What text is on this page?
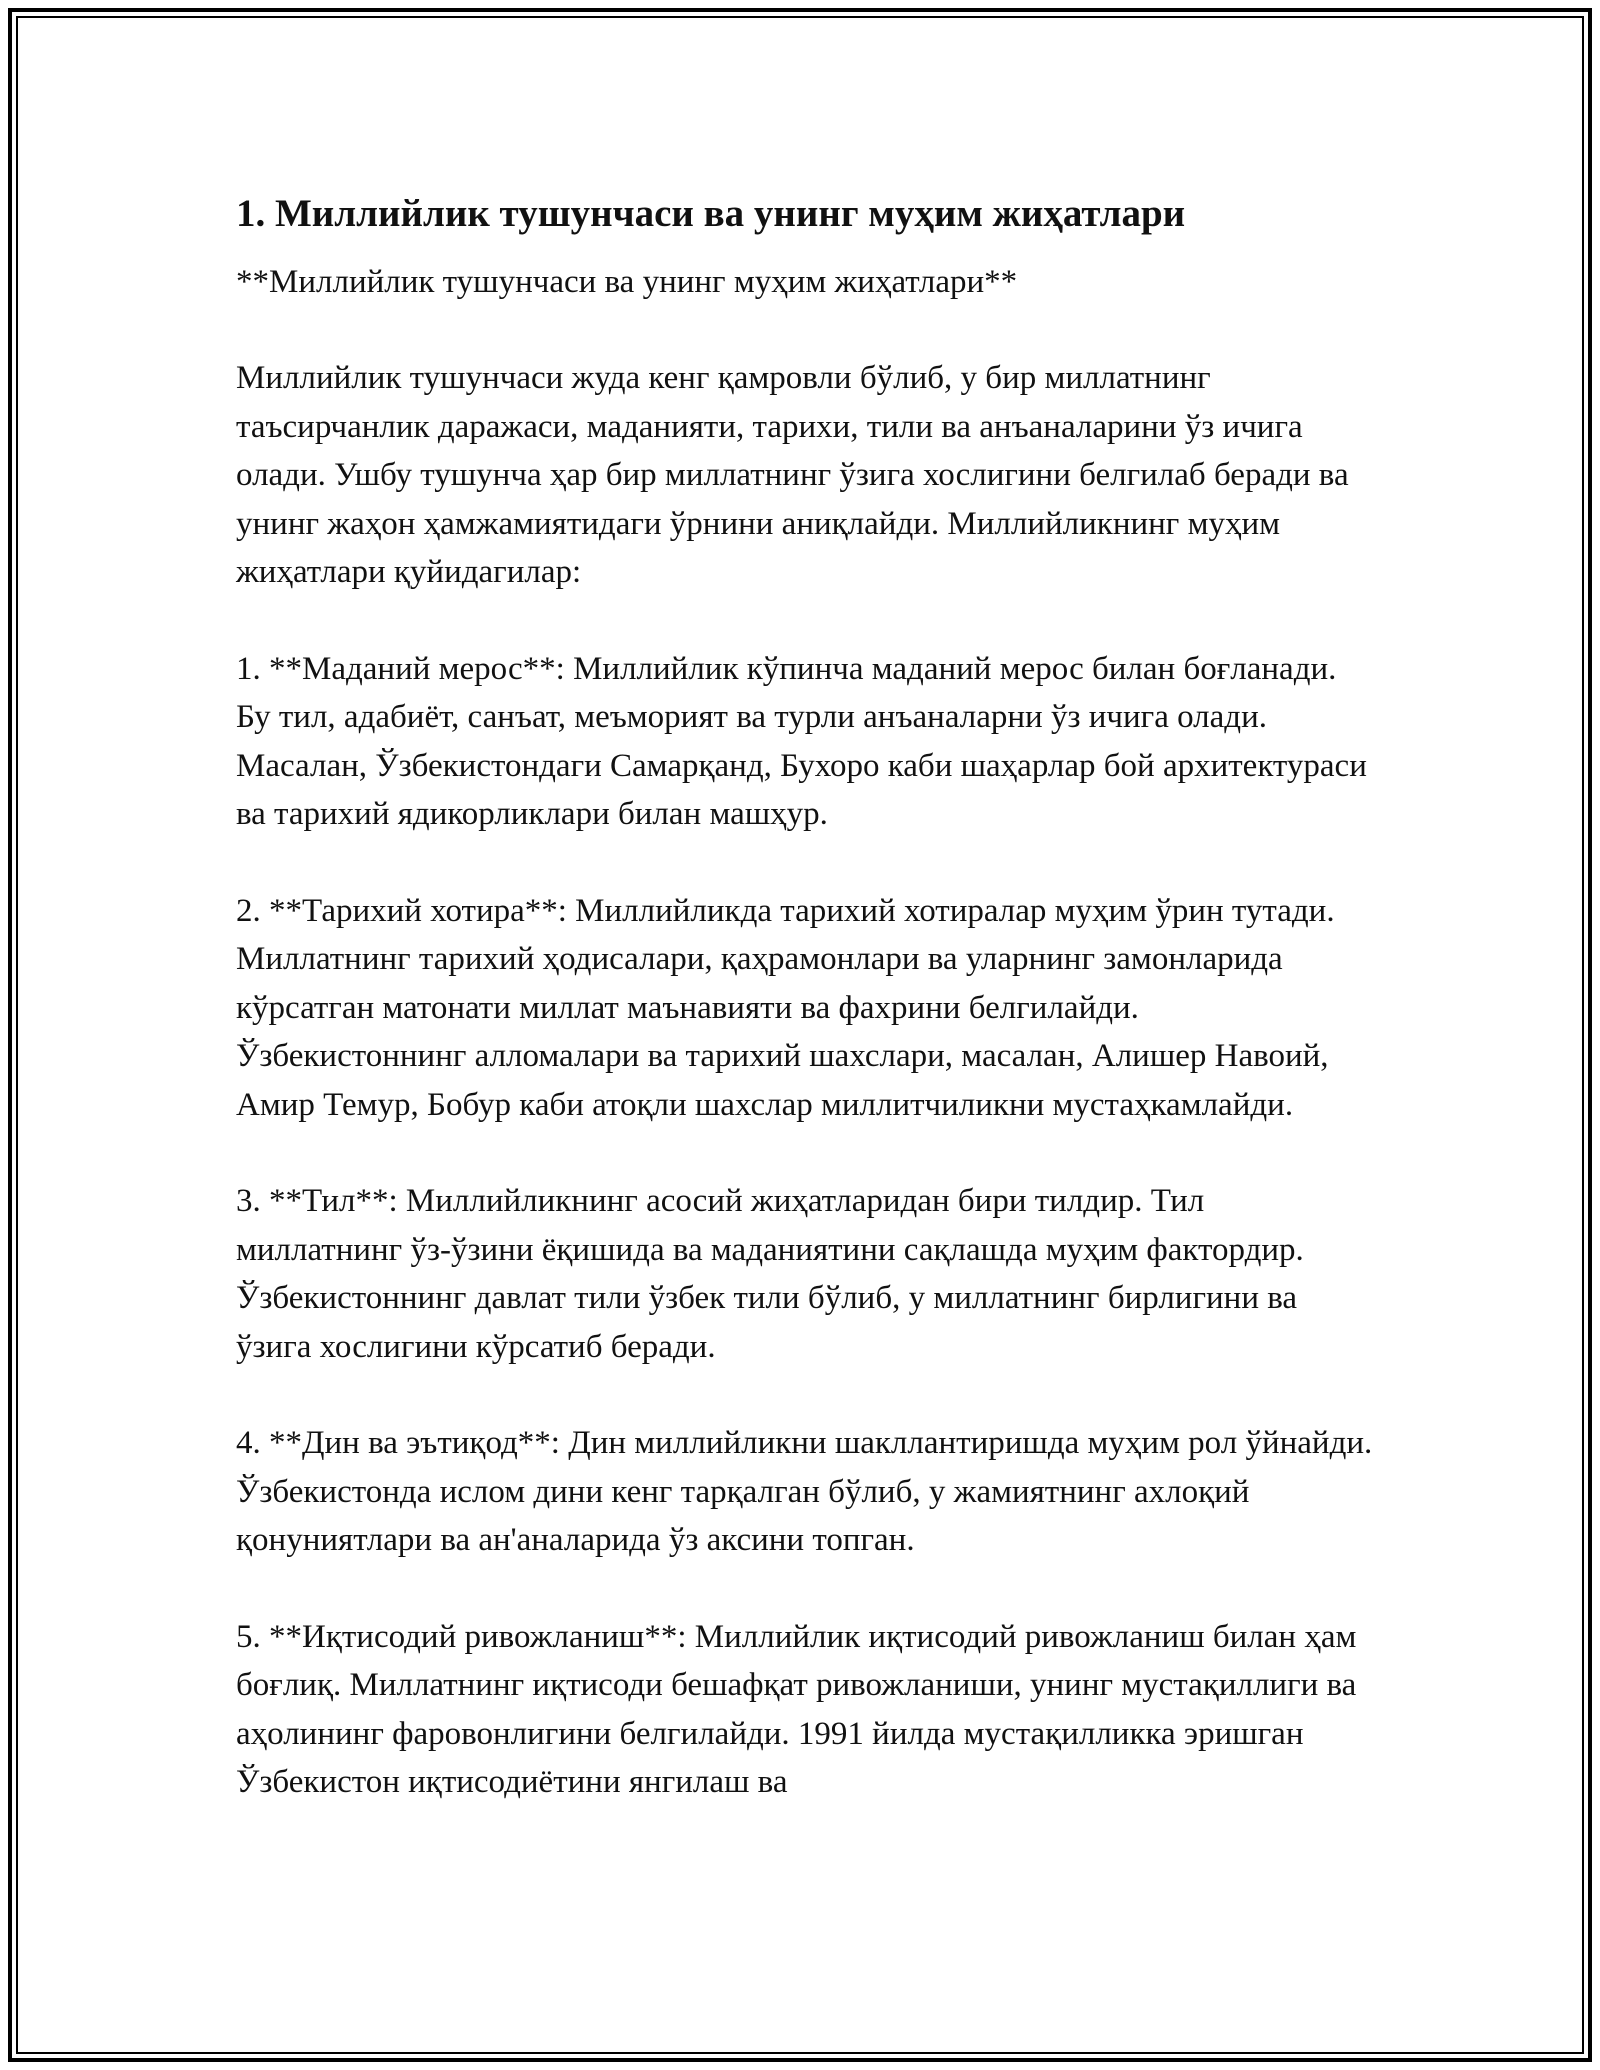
1. Миллийлик тушунчаси ва унинг муҳим жиҳатлари

**Миллийлик тушунчаси ва унинг муҳим жиҳатлари**

Миллийлик тушунчаси жуда кенг қамровли бўлиб, у бир миллатнинг таъсирчанлик даражаси, маданияти, тарихи, тили ва анъаналарини ўз ичига олади. Ушбу тушунча ҳар бир миллатнинг ўзига хослигини белгилаб беради ва унинг жаҳон ҳамжамиятидаги ўрнини аниқлайди. Миллийликнинг муҳим жиҳатлари қуйидагилар:

1. **Маданий мерос**: Миллийлик кўпинча маданий мерос билан боғланади. Бу тил, адабиёт, санъат, меъморият ва турли анъаналарни ўз ичига олади. Масалан, Ўзбекистондаги Самарқанд, Бухоро каби шаҳарлар бой архитектураси ва тарихий ядикорликлари билан машҳур.

2. **Тарихий хотира**: Миллийликда тарихий хотиралар муҳим ўрин тутади. Миллатнинг тарихий ҳодисалари, қаҳрамонлари ва уларнинг замонларида кўрсатган матонати миллат маънавияти ва фахрини белгилайди. Ўзбекистоннинг алломалари ва тарихий шахслари, масалан, Алишер Навоий, Амир Темур, Бобур каби атоқли шахслар миллитчиликни мустаҳкамлайди.

3. **Тил**: Миллийликнинг асосий жиҳатларидан бири тилдир. Тил миллатнинг ўз-ўзини ёқишида ва маданиятини сақлашда муҳим фактордир. Ўзбекистоннинг давлат тили ўзбек тили бўлиб, у миллатнинг бирлигини ва ўзига хослигини кўрсатиб беради.

4. **Дин ва эътиқод**: Дин миллийликни шакллантиришда муҳим рол ўйнайди. Ўзбекистонда ислом дини кенг тарқалган бўлиб, у жамиятнинг ахлоқий қонуниятлари ва ан'аналарида ўз аксини топган.

5. **Иқтисодий ривожланиш**: Миллийлик иқтисодий ривожланиш билан ҳам боғлиқ. Миллатнинг иқтисоди бешафқат ривожланиши, унинг мустақиллиги ва аҳолининг фаровонлигини белгилайди. 1991 йилда мустақилликка эришган Ўзбекистон иқтисодиётини янгилаш ва
